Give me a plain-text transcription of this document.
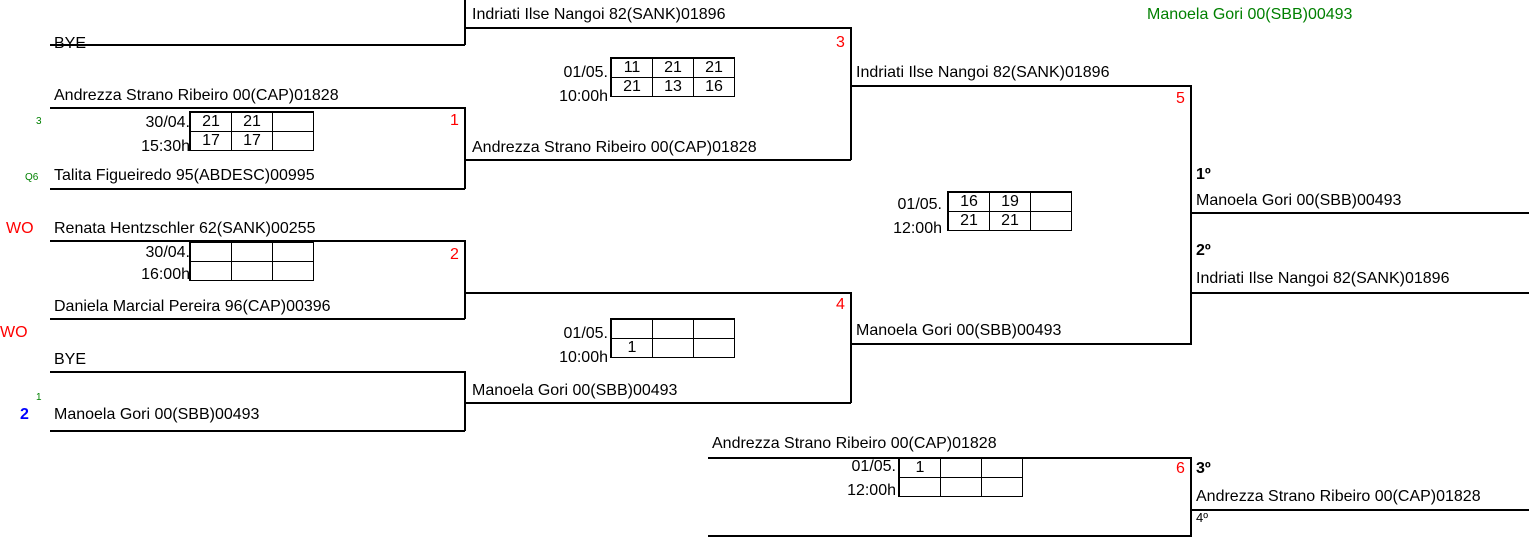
Manoela Gori 00(SBB)00493
BYE
Andrezza Strano Ribeiro 00(CAP)01828
3	30/04.
15:30h
21	21	
17	17	
1
Q6 Talita Figueiredo 95(ABDESC)00995
WO Renata Hentzschler 62(SANK)00255
30/04.
16:00h

2
Daniela Marcial Pereira 96(CAP)00396
WO
BYE
1
2 Manoela Gori 00(SBB)00493
Indriati Ilse Nangoi 82(SANK)01896
3
01/05.
10:00h
11	21	21
21	13	16
Andrezza Strano Ribeiro 00(CAP)01828
4
01/05.
10:00h

1		
Manoela Gori 00(SBB)00493
Indriati Ilse Nangoi 82(SANK)01896
5
01/05.
12:00h
16	19	
21	21	
Manoela Gori 00(SBB)00493
1º
Manoela Gori 00(SBB)00493
2º
Indriati Ilse Nangoi 82(SANK)01896
Andrezza Strano Ribeiro 00(CAP)01828
01/05.
12:00h
1		
			6 3º
Andrezza Strano Ribeiro 00(CAP)01828
4º
